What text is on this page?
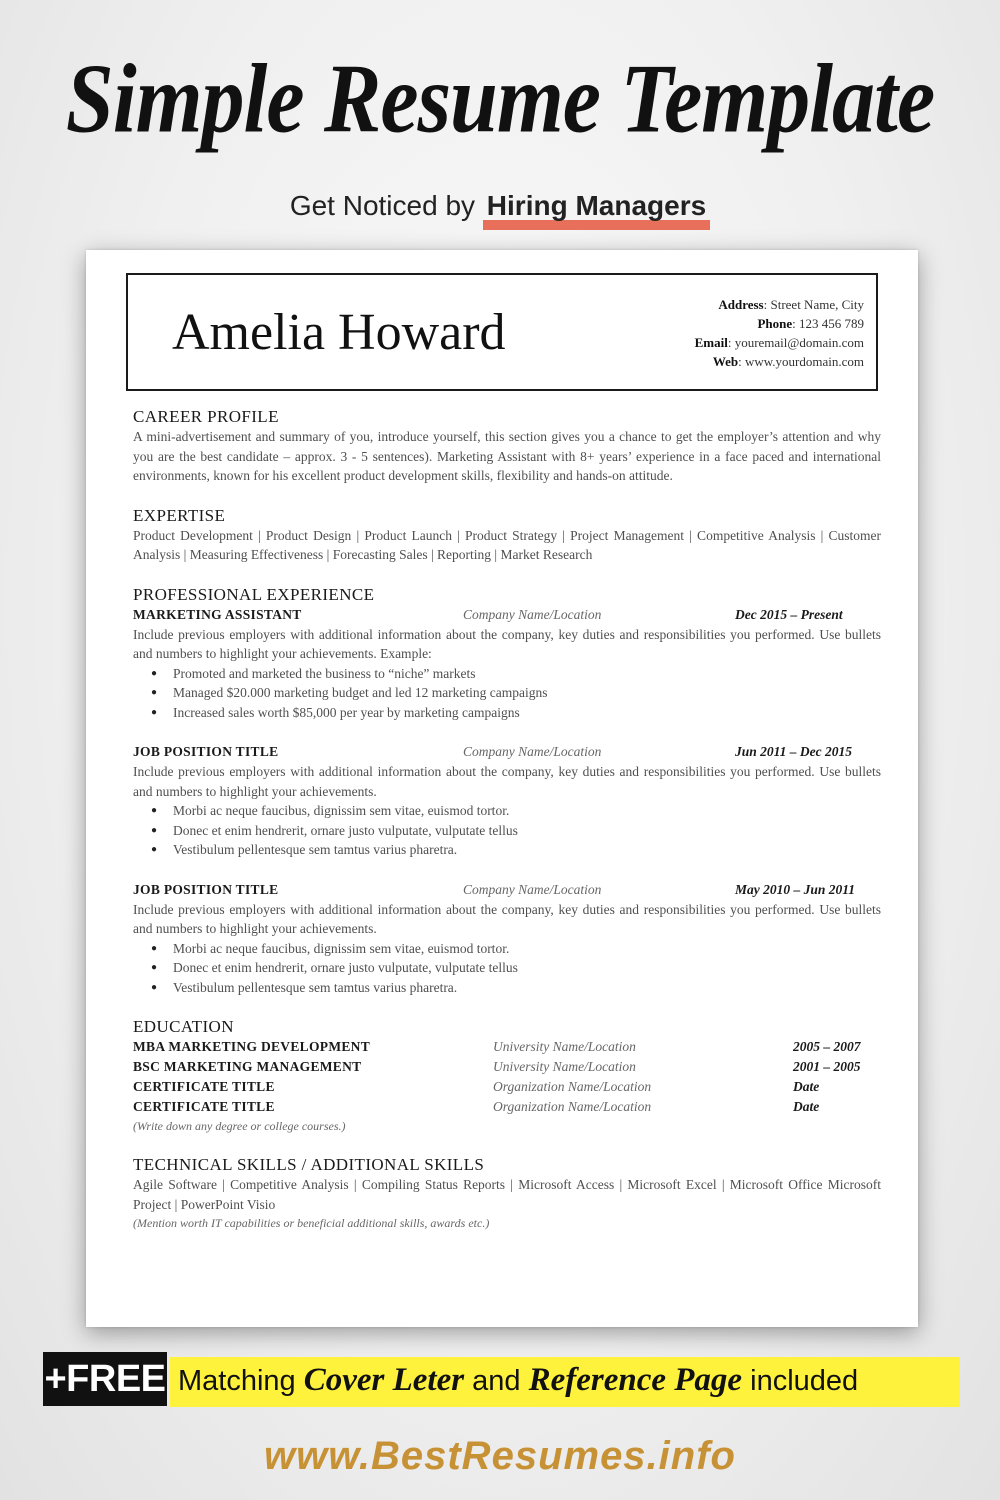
Simple Resume Template
Get Noticed by Hiring Managers
Amelia Howard	Address: Street Name, City
Phone: 123 456 789
Email: youremail@domain.com
Web: www.yourdomain.com
CAREER PROFILE
A mini-advertisement and summary of you, introduce yourself, this section gives you a chance to get the employer’s attention and why you are the best candidate – approx. 3 - 5 sentences). Marketing Assistant with 8+ years’ experience in a face paced and international environments, known for his excellent product development skills, flexibility and hands-on attitude.
EXPERTISE
Product Development | Product Design | Product Launch | Product Strategy | Project Management | Competitive Analysis | Customer Analysis | Measuring Effectiveness | Forecasting Sales | Reporting | Market Research
PROFESSIONAL EXPERIENCE
MARKETING ASSISTANT	Company Name/Location	Dec 2015 – Present
Include previous employers with additional information about the company, key duties and responsibilities you performed. Use bullets and numbers to highlight your achievements. Example:
● Promoted and marketed the business to “niche” markets
● Managed $20.000 marketing budget and led 12 marketing campaigns
● Increased sales worth $85,000 per year by marketing campaigns
JOB POSITION TITLE	Company Name/Location	Jun 2011 – Dec 2015
Include previous employers with additional information about the company, key duties and responsibilities you performed. Use bullets and numbers to highlight your achievements.
● Morbi ac neque faucibus, dignissim sem vitae, euismod tortor.
● Donec et enim hendrerit, ornare justo vulputate, vulputate tellus
● Vestibulum pellentesque sem tamtus varius pharetra.
JOB POSITION TITLE	Company Name/Location	May 2010 – Jun 2011
Include previous employers with additional information about the company, key duties and responsibilities you performed. Use bullets and numbers to highlight your achievements.
● Morbi ac neque faucibus, dignissim sem vitae, euismod tortor.
● Donec et enim hendrerit, ornare justo vulputate, vulputate tellus
● Vestibulum pellentesque sem tamtus varius pharetra.
EDUCATION
MBA MARKETING DEVELOPMENT	University Name/Location	2005 – 2007
BSC MARKETING MANAGEMENT	University Name/Location	2001 – 2005
CERTIFICATE TITLE	Organization Name/Location	Date
CERTIFICATE TITLE	Organization Name/Location	Date
(Write down any degree or college courses.)
TECHNICAL SKILLS / ADDITIONAL SKILLS
Agile Software | Competitive Analysis | Compiling Status Reports | Microsoft Access | Microsoft Excel | Microsoft Office Microsoft Project | PowerPoint Visio
(Mention worth IT capabilities or beneficial additional skills, awards etc.)
+FREE Matching Cover Leter and Reference Page included
www.BestResumes.info
